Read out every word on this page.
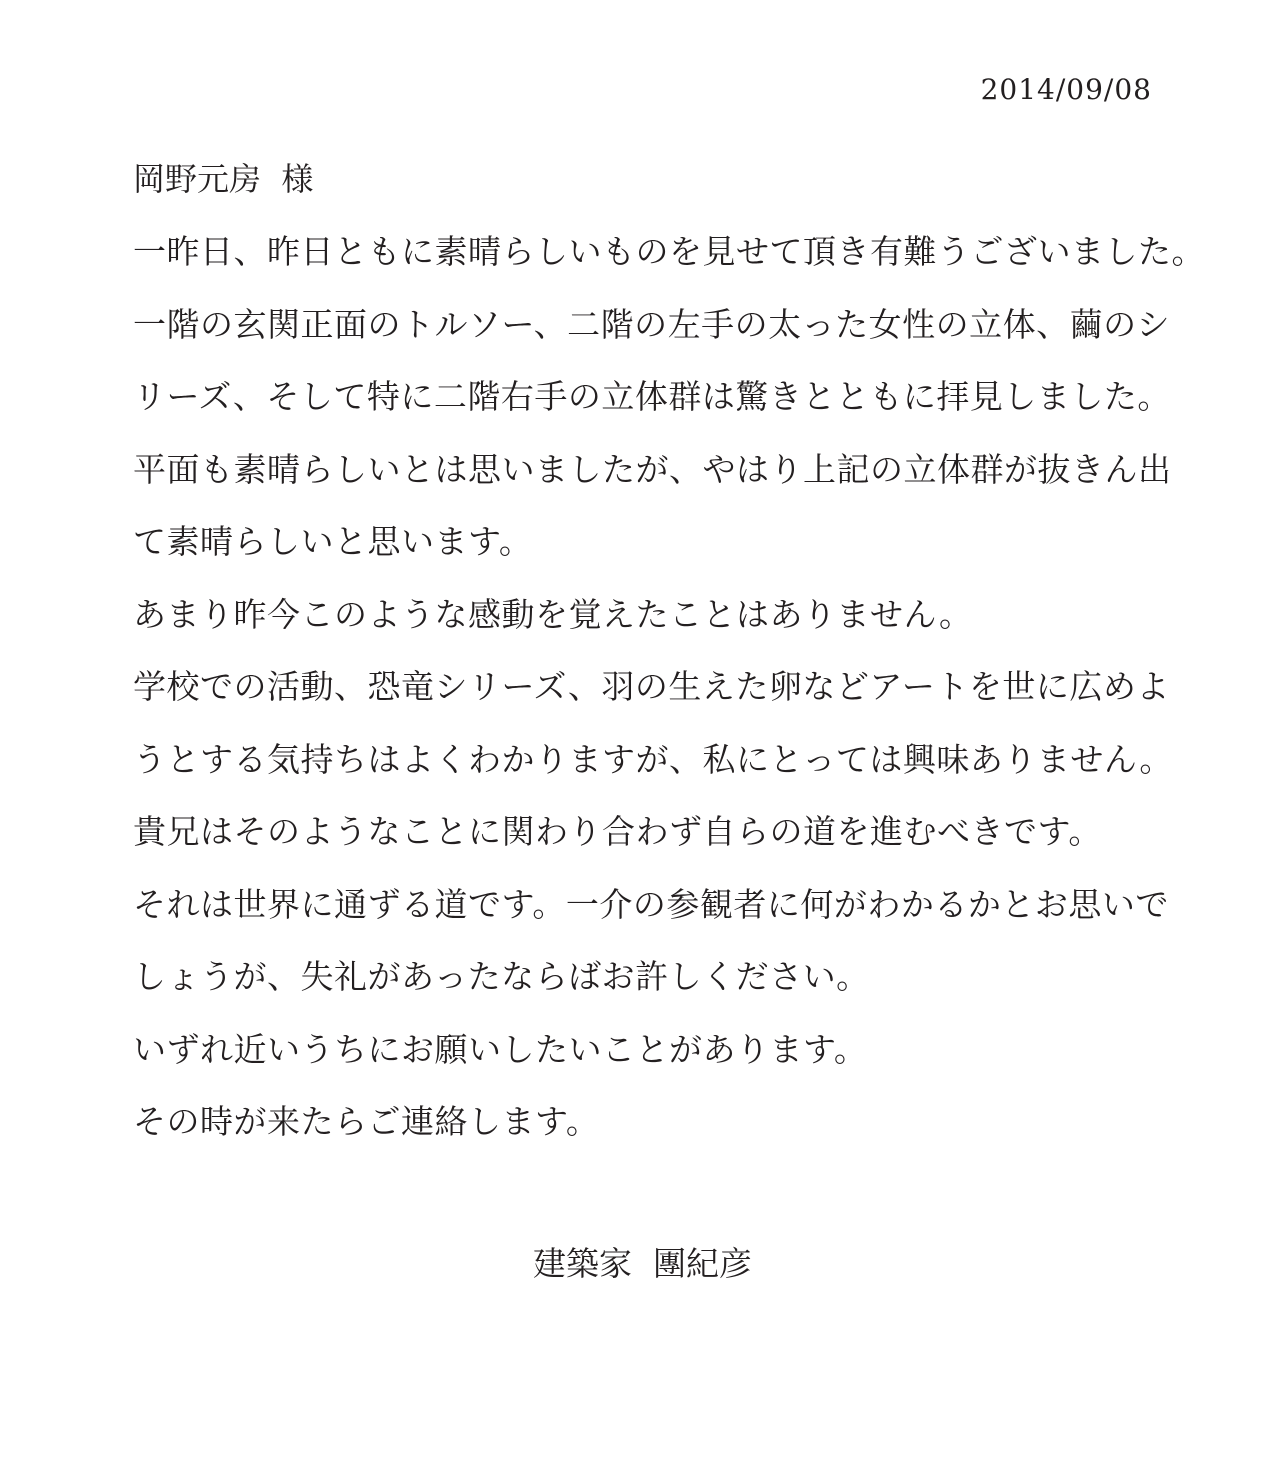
2014/09/08
岡野元房  様
一昨日、昨日ともに素晴らしいものを見せて頂き有難うございました。
一階の玄関正面のトルソー、二階の左手の太った女性の立体、繭のシ
リーズ、そして特に二階右手の立体群は驚きとともに拝見しました。
平面も素晴らしいとは思いましたが、やはり上記の立体群が抜きん出
て素晴らしいと思います。
あまり昨今このような感動を覚えたことはありません。
学校での活動、恐竜シリーズ、羽の生えた卵などアートを世に広めよ
うとする気持ちはよくわかりますが、私にとっては興味ありません。
貴兄はそのようなことに関わり合わず自らの道を進むべきです。
それは世界に通ずる道です。一介の参観者に何がわかるかとお思いで
しょうが、失礼があったならばお許しください。
いずれ近いうちにお願いしたいことがあります。
その時が来たらご連絡します。
建築家  團紀彦
